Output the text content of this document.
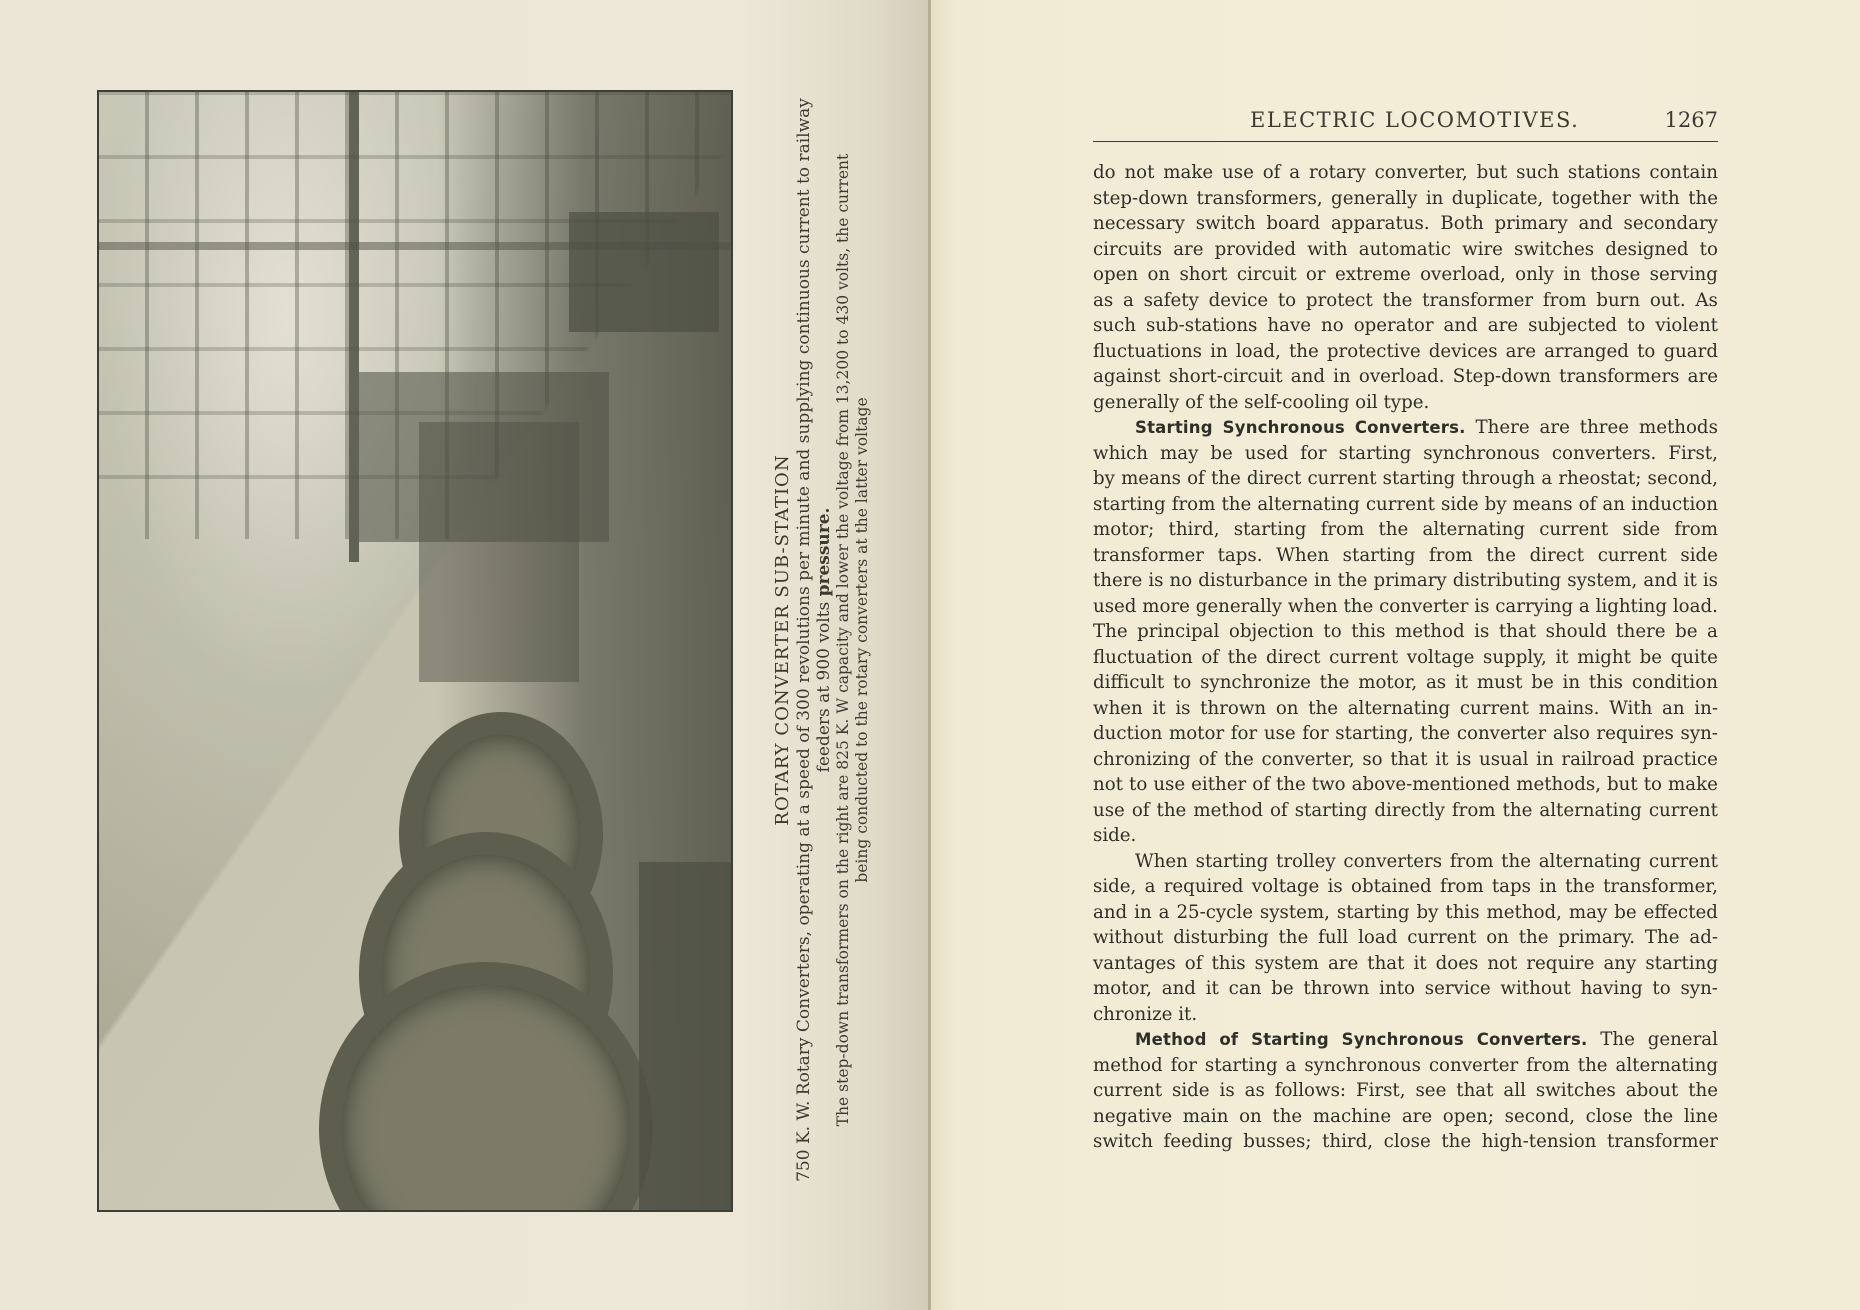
ROTARY CONVERTER SUB-STATION 750 K. W. Rotary Converters, operating at a speed of 300 revolutions per minute and supplying continuous current to railway feeders at 900 volts pressure. The step-down transformers on the right are 825 K. W capacity and lower the voltage from 13,200 to 430 volts, the current being conducted to the rotary converters at the latter voltage
ELECTRIC LOCOMOTIVES.	1267
do not make use of a rotary converter, but such stations contain
step-down transformers, generally in duplicate, together with the
necessary switch board apparatus. Both primary and secondary
circuits are provided with automatic wire switches designed to
open on short circuit or extreme overload, only in those serving
as a safety device to protect the transformer from burn out. As
such sub-stations have no operator and are subjected to violent
fluctuations in load, the protective devices are arranged to guard
against short-circuit and in overload. Step-down transformers are
generally of the self-cooling oil type.
Starting Synchronous Converters. There are three methods
which may be used for starting synchronous converters. First,
by means of the direct current starting through a rheostat; second,
starting from the alternating current side by means of an induction
motor; third, starting from the alternating current side from
transformer taps. When starting from the direct current side
there is no disturbance in the primary distributing system, and it is
used more generally when the converter is carrying a lighting load.
The principal objection to this method is that should there be a
fluctuation of the direct current voltage supply, it might be quite
difficult to synchronize the motor, as it must be in this condition
when it is thrown on the alternating current mains. With an in-
duction motor for use for starting, the converter also requires syn-
chronizing of the converter, so that it is usual in railroad practice
not to use either of the two above-mentioned methods, but to make
use of the method of starting directly from the alternating current
side.
When starting trolley converters from the alternating current
side, a required voltage is obtained from taps in the transformer,
and in a 25-cycle system, starting by this method, may be effected
without disturbing the full load current on the primary. The ad-
vantages of this system are that it does not require any starting
motor, and it can be thrown into service without having to syn-
chronize it.
Method of Starting Synchronous Converters. The general
method for starting a synchronous converter from the alternating
current side is as follows: First, see that all switches about the
negative main on the machine are open; second, close the line
switch feeding busses; third, close the high-tension transformer
